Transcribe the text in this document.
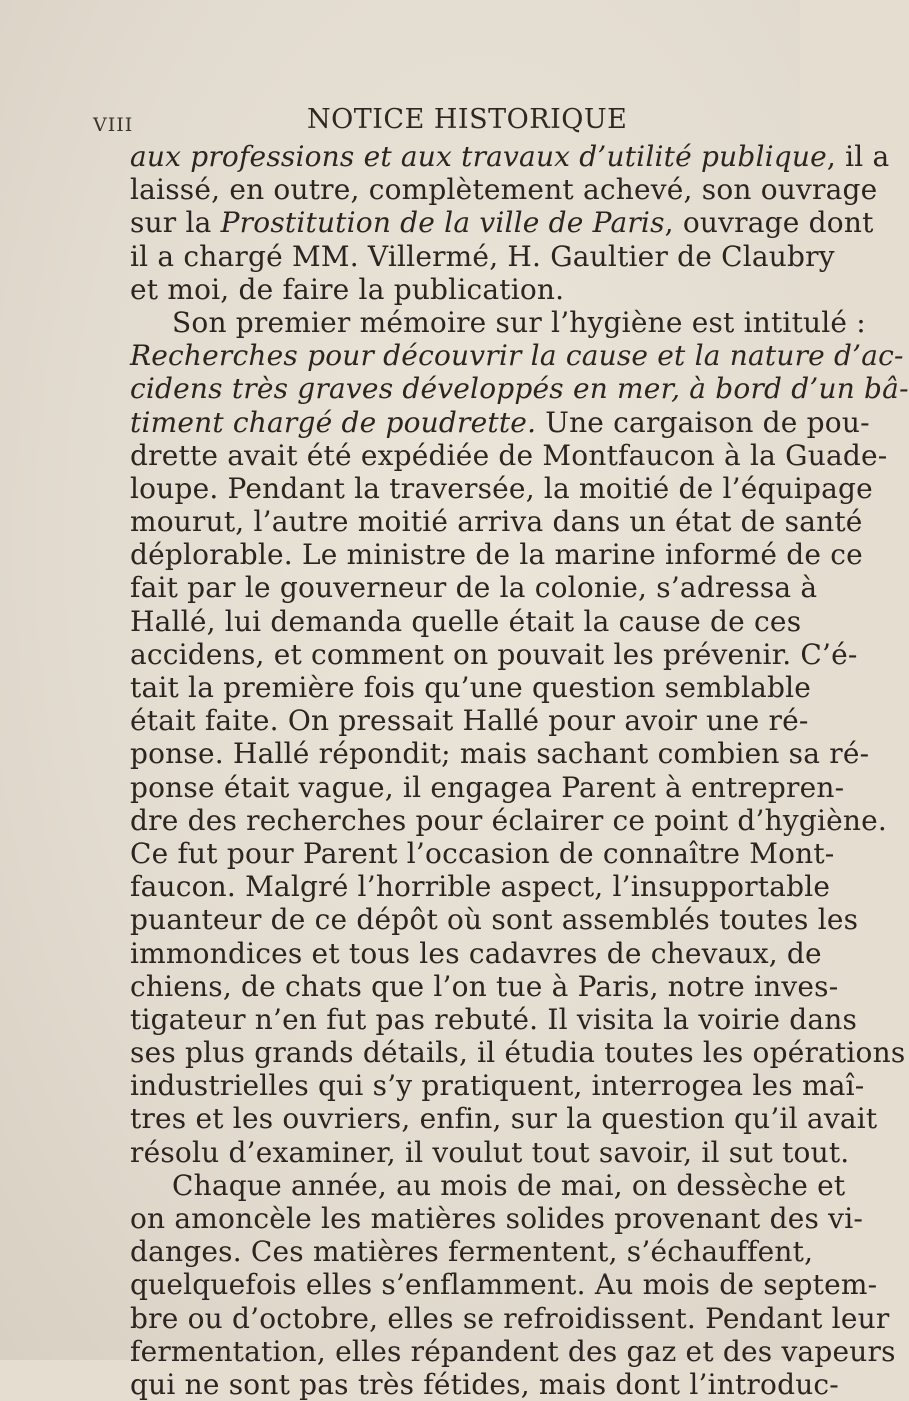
VIII	NOTICE HISTORIQUE
aux professions et aux travaux d’utilité publique, il a
laissé, en outre, complètement achevé, son ouvrage
sur la Prostitution de la ville de Paris, ouvrage dont
il a chargé MM. Villermé, H. Gaultier de Claubry
et moi, de faire la publication.
Son premier mémoire sur l’hygiène est intitulé :
Recherches pour découvrir la cause et la nature d’ac-
cidens très graves développés en mer, à bord d’un bâ-
timent chargé de poudrette. Une cargaison de pou-
drette avait été expédiée de Montfaucon à la Guade-
loupe. Pendant la traversée, la moitié de l’équipage
mourut, l’autre moitié arriva dans un état de santé
déplorable. Le ministre de la marine informé de ce
fait par le gouverneur de la colonie, s’adressa à
Hallé, lui demanda quelle était la cause de ces
accidens, et comment on pouvait les prévenir. C’é-
tait la première fois qu’une question semblable
était faite. On pressait Hallé pour avoir une ré-
ponse. Hallé répondit; mais sachant combien sa ré-
ponse était vague, il engagea Parent à entrepren-
dre des recherches pour éclairer ce point d’hygiène.
Ce fut pour Parent l’occasion de connaître Mont-
faucon. Malgré l’horrible aspect, l’insupportable
puanteur de ce dépôt où sont assemblés toutes les
immondices et tous les cadavres de chevaux, de
chiens, de chats que l’on tue à Paris, notre inves-
tigateur n’en fut pas rebuté. Il visita la voirie dans
ses plus grands détails, il étudia toutes les opérations
industrielles qui s’y pratiquent, interrogea les maî-
tres et les ouvriers, enfin, sur la question qu’il avait
résolu d’examiner, il voulut tout savoir, il sut tout.
Chaque année, au mois de mai, on dessèche et
on amoncèle les matières solides provenant des vi-
danges. Ces matières fermentent, s’échauffent,
quelquefois elles s’enflamment. Au mois de septem-
bre ou d’octobre, elles se refroidissent. Pendant leur
fermentation, elles répandent des gaz et des vapeurs
qui ne sont pas très fétides, mais dont l’introduc-
